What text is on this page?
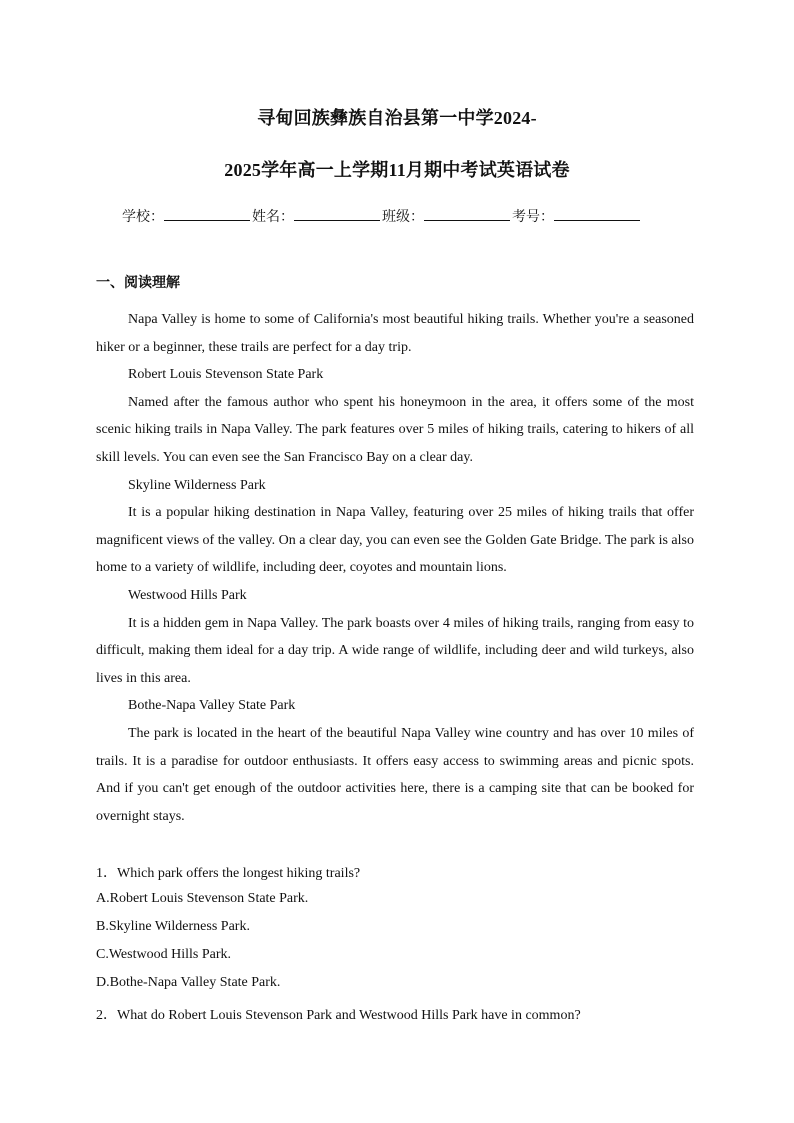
寻甸回族彝族自治县第一中学2024-
2025学年高一上学期11月期中考试英语试卷
学校：	姓名：	班级：	考号：
一、阅读理解

Napa Valley is home to some of California's most beautiful hiking trails. Whether you're a seasoned hiker or a beginner, these trails are perfect for a day trip.

Robert Louis Stevenson State Park

Named after the famous author who spent his honeymoon in the area, it offers some of the most scenic hiking trails in Napa Valley. The park features over 5 miles of hiking trails, catering to hikers of all skill levels. You can even see the San Francisco Bay on a clear day.

Skyline Wilderness Park

It is a popular hiking destination in Napa Valley, featuring over 25 miles of hiking trails that offer magnificent views of the valley. On a clear day, you can even see the Golden Gate Bridge. The park is also home to a variety of wildlife, including deer, coyotes and mountain lions.

Westwood Hills Park

It is a hidden gem in Napa Valley. The park boasts over 4 miles of hiking trails, ranging from easy to difficult, making them ideal for a day trip. A wide range of wildlife, including deer and wild turkeys, also lives in this area.

Bothe-Napa Valley State Park

The park is located in the heart of the beautiful Napa Valley wine country and has over 10 miles of trails. It is a paradise for outdoor enthusiasts. It offers easy access to swimming areas and picnic spots. And if you can't get enough of the outdoor activities here, there is a camping site that can be booked for overnight stays.

1．Which park offers the longest hiking trails?
A.Robert Louis Stevenson State Park.
B.Skyline Wilderness Park.
C.Westwood Hills Park.
D.Bothe-Napa Valley State Park.
2．What do Robert Louis Stevenson Park and Westwood Hills Park have in common?
